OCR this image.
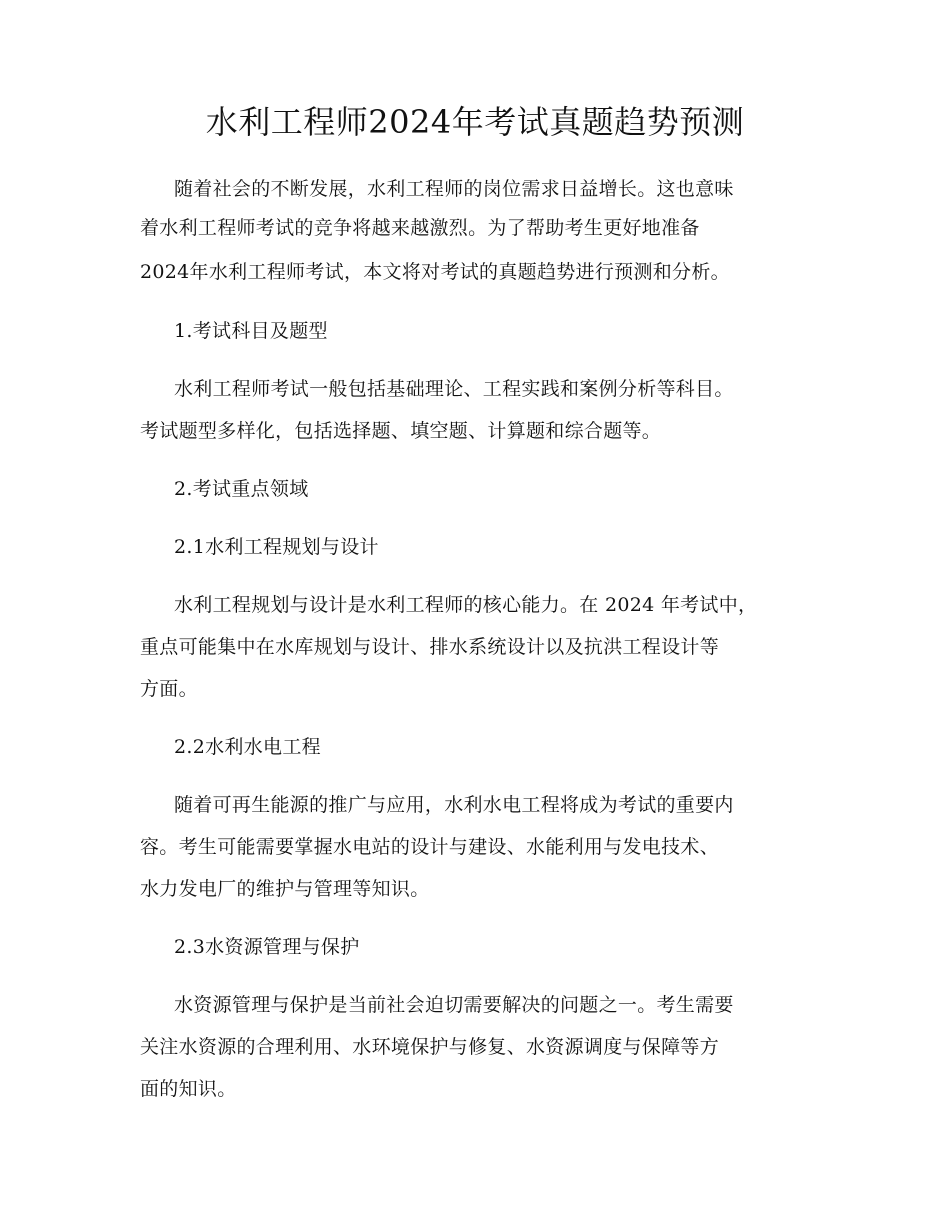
水利工程师2024年考试真题趋势预测
随着社会的不断发展，水利工程师的岗位需求日益增长。这也意味
着水利工程师考试的竞争将越来越激烈。为了帮助考生更好地准备
2024年水利工程师考试，本文将对考试的真题趋势进行预测和分析。
1.考试科目及题型
水利工程师考试一般包括基础理论、工程实践和案例分析等科目。
考试题型多样化，包括选择题、填空题、计算题和综合题等。
2.考试重点领域
2.1水利工程规划与设计
水利工程规划与设计是水利工程师的核心能力。在 2024 年考试中，
重点可能集中在水库规划与设计、排水系统设计以及抗洪工程设计等
方面。
2.2水利水电工程
随着可再生能源的推广与应用，水利水电工程将成为考试的重要内
容。考生可能需要掌握水电站的设计与建设、水能利用与发电技术、
水力发电厂的维护与管理等知识。
2.3水资源管理与保护
水资源管理与保护是当前社会迫切需要解决的问题之一。考生需要
关注水资源的合理利用、水环境保护与修复、水资源调度与保障等方
面的知识。
